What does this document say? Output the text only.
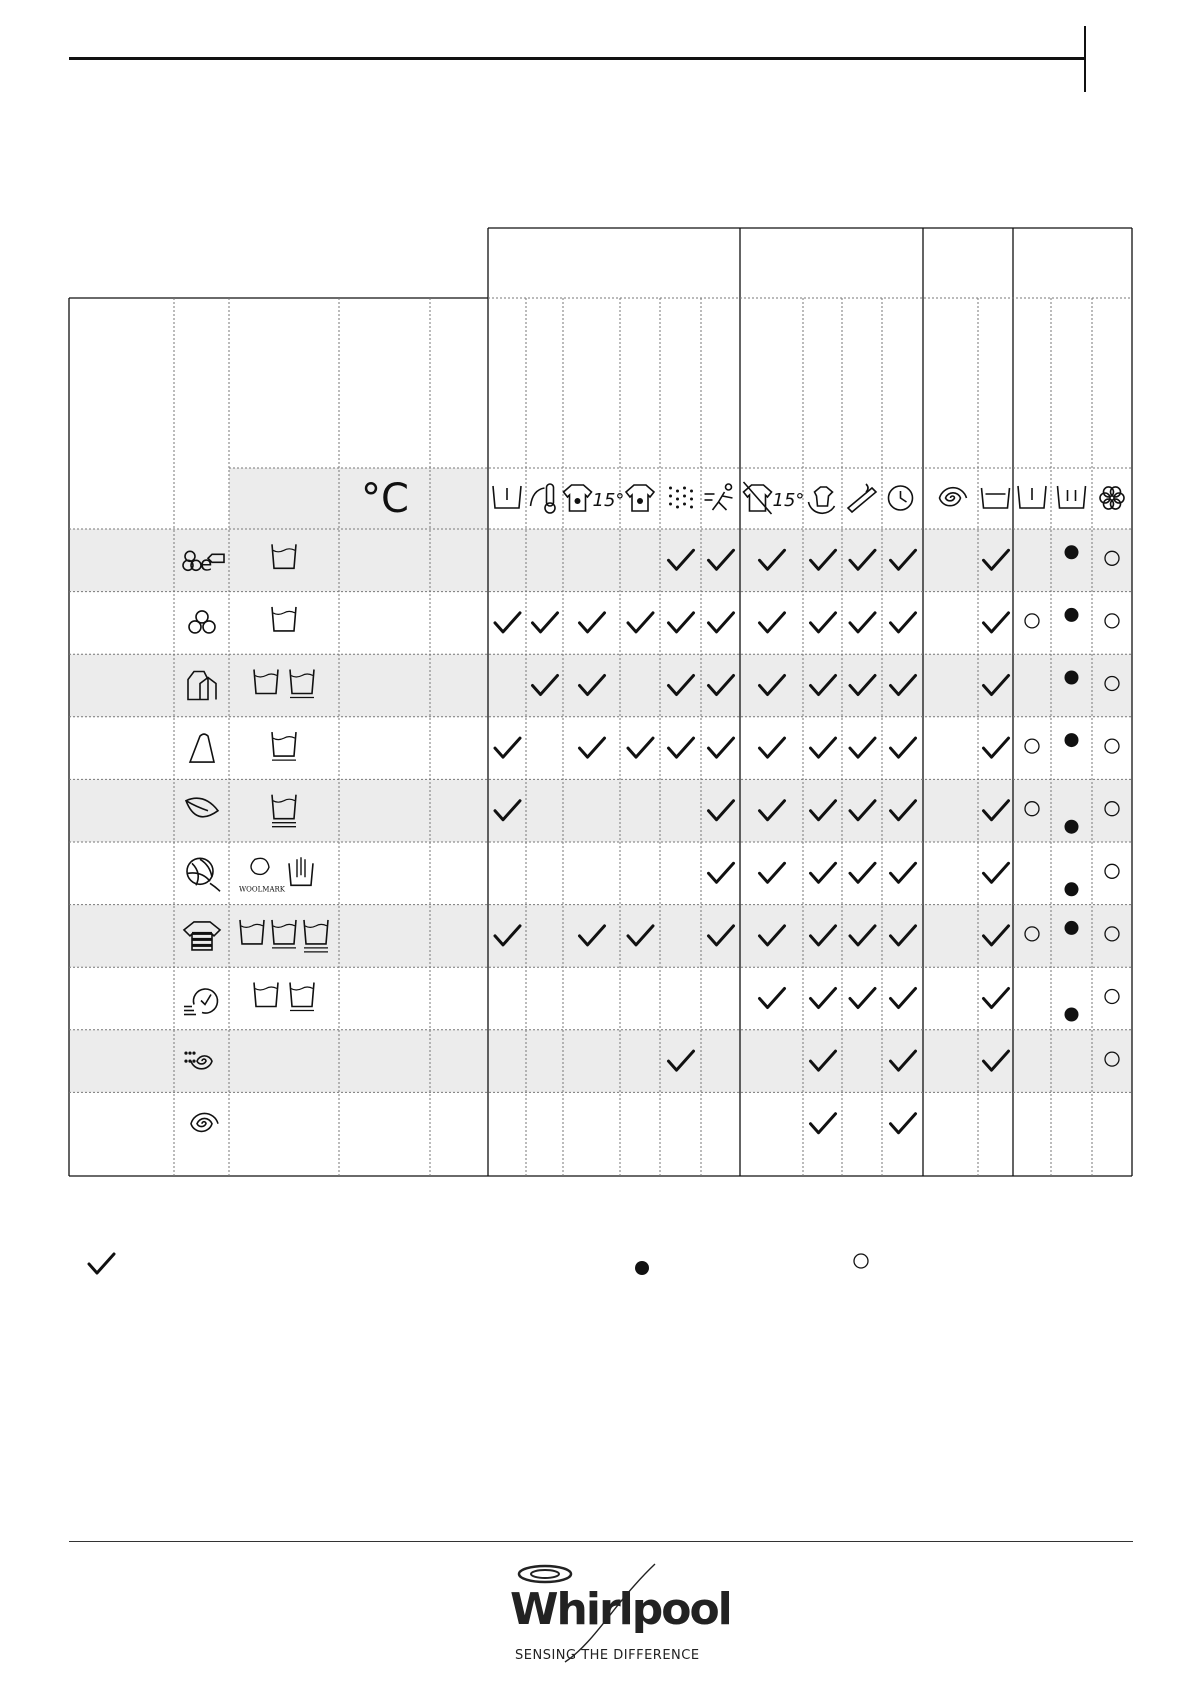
°C	15°	15°
e
WOOLMARK
Whirlpool
SENSING THE DIFFERENCE
